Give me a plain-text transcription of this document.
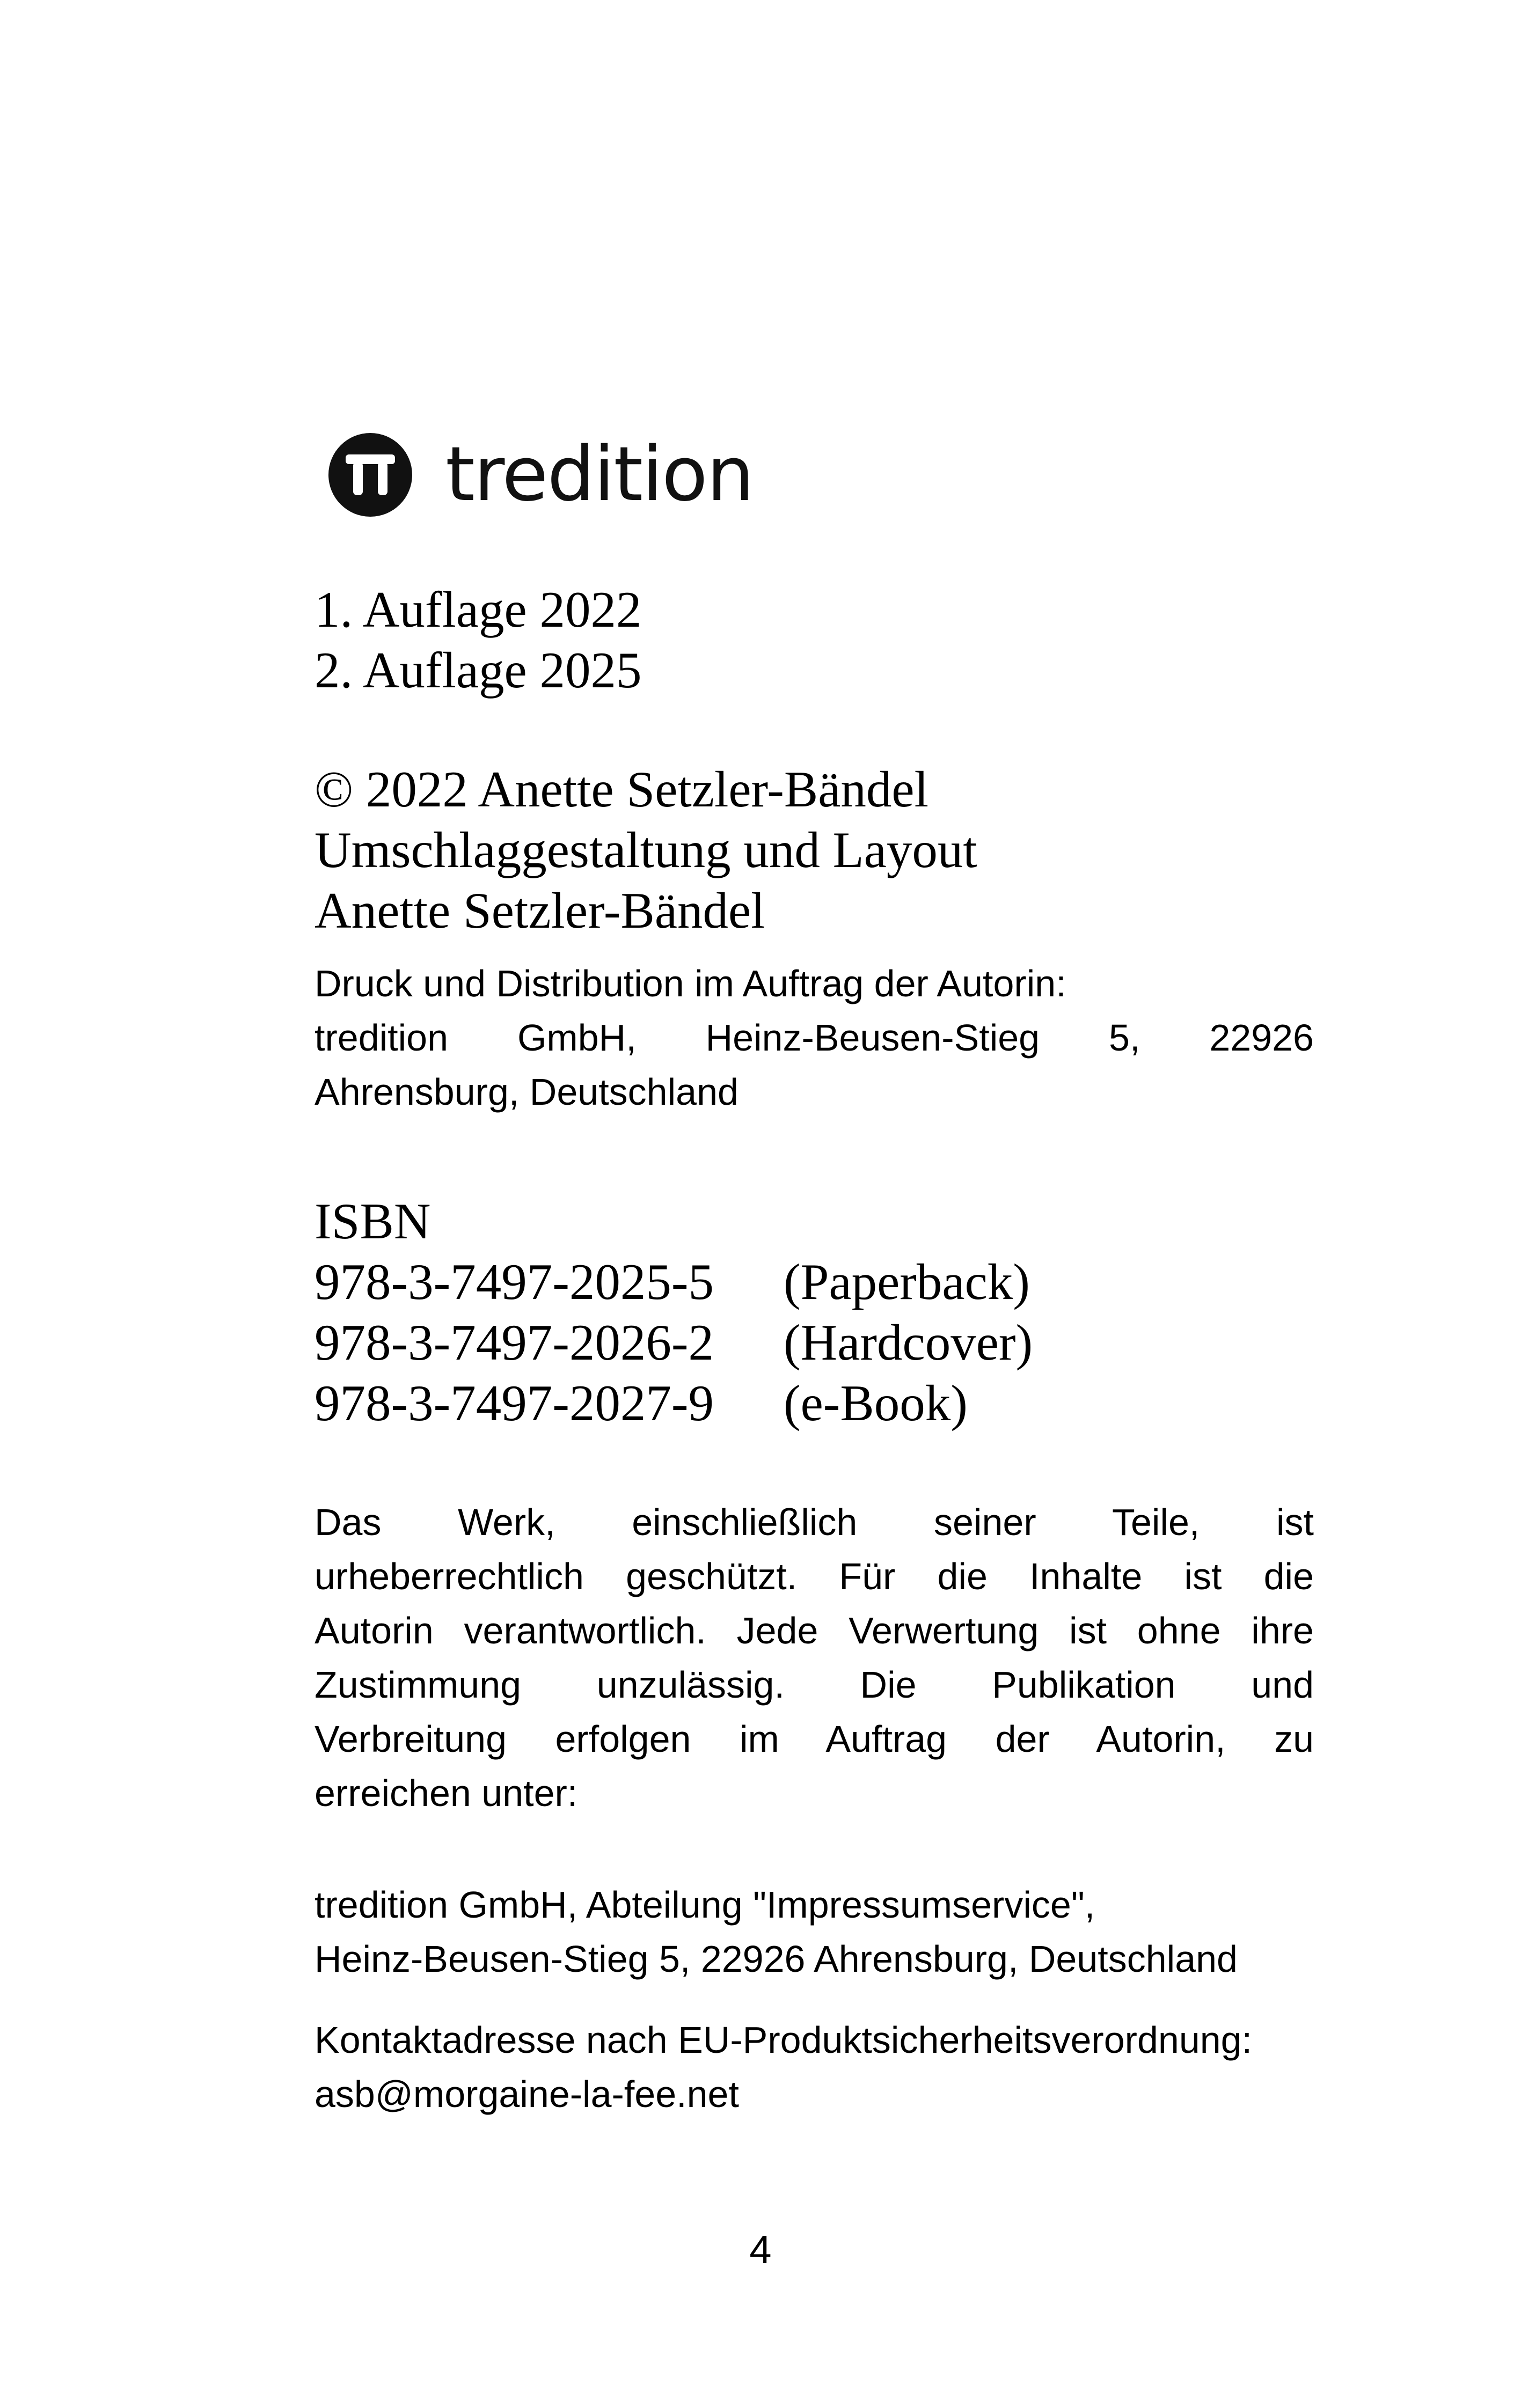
tredition
1. Auflage 2022
2. Auflage 2025
© 2022 Anette Setzler-Bändel
Umschlaggestaltung und Layout
Anette Setzler-Bändel
Druck und Distribution im Auftrag der Autorin:
tredition GmbH, Heinz-Beusen-Stieg 5, 22926
Ahrensburg, Deutschland
ISBN
978-3-7497-2025-5	(Paperback)
978-3-7497-2026-2	(Hardcover)
978-3-7497-2027-9	(e-Book)
Das Werk, einschließlich seiner Teile, ist
urheberrechtlich geschützt. Für die Inhalte ist die
Autorin verantwortlich. Jede Verwertung ist ohne ihre
Zustimmung unzulässig. Die Publikation und
Verbreitung erfolgen im Auftrag der Autorin, zu
erreichen unter:
tredition GmbH, Abteilung "Impressumservice",
Heinz-Beusen-Stieg 5, 22926 Ahrensburg, Deutschland
Kontaktadresse nach EU-Produktsicherheitsverordnung:
asb@morgaine-la-fee.net
4
